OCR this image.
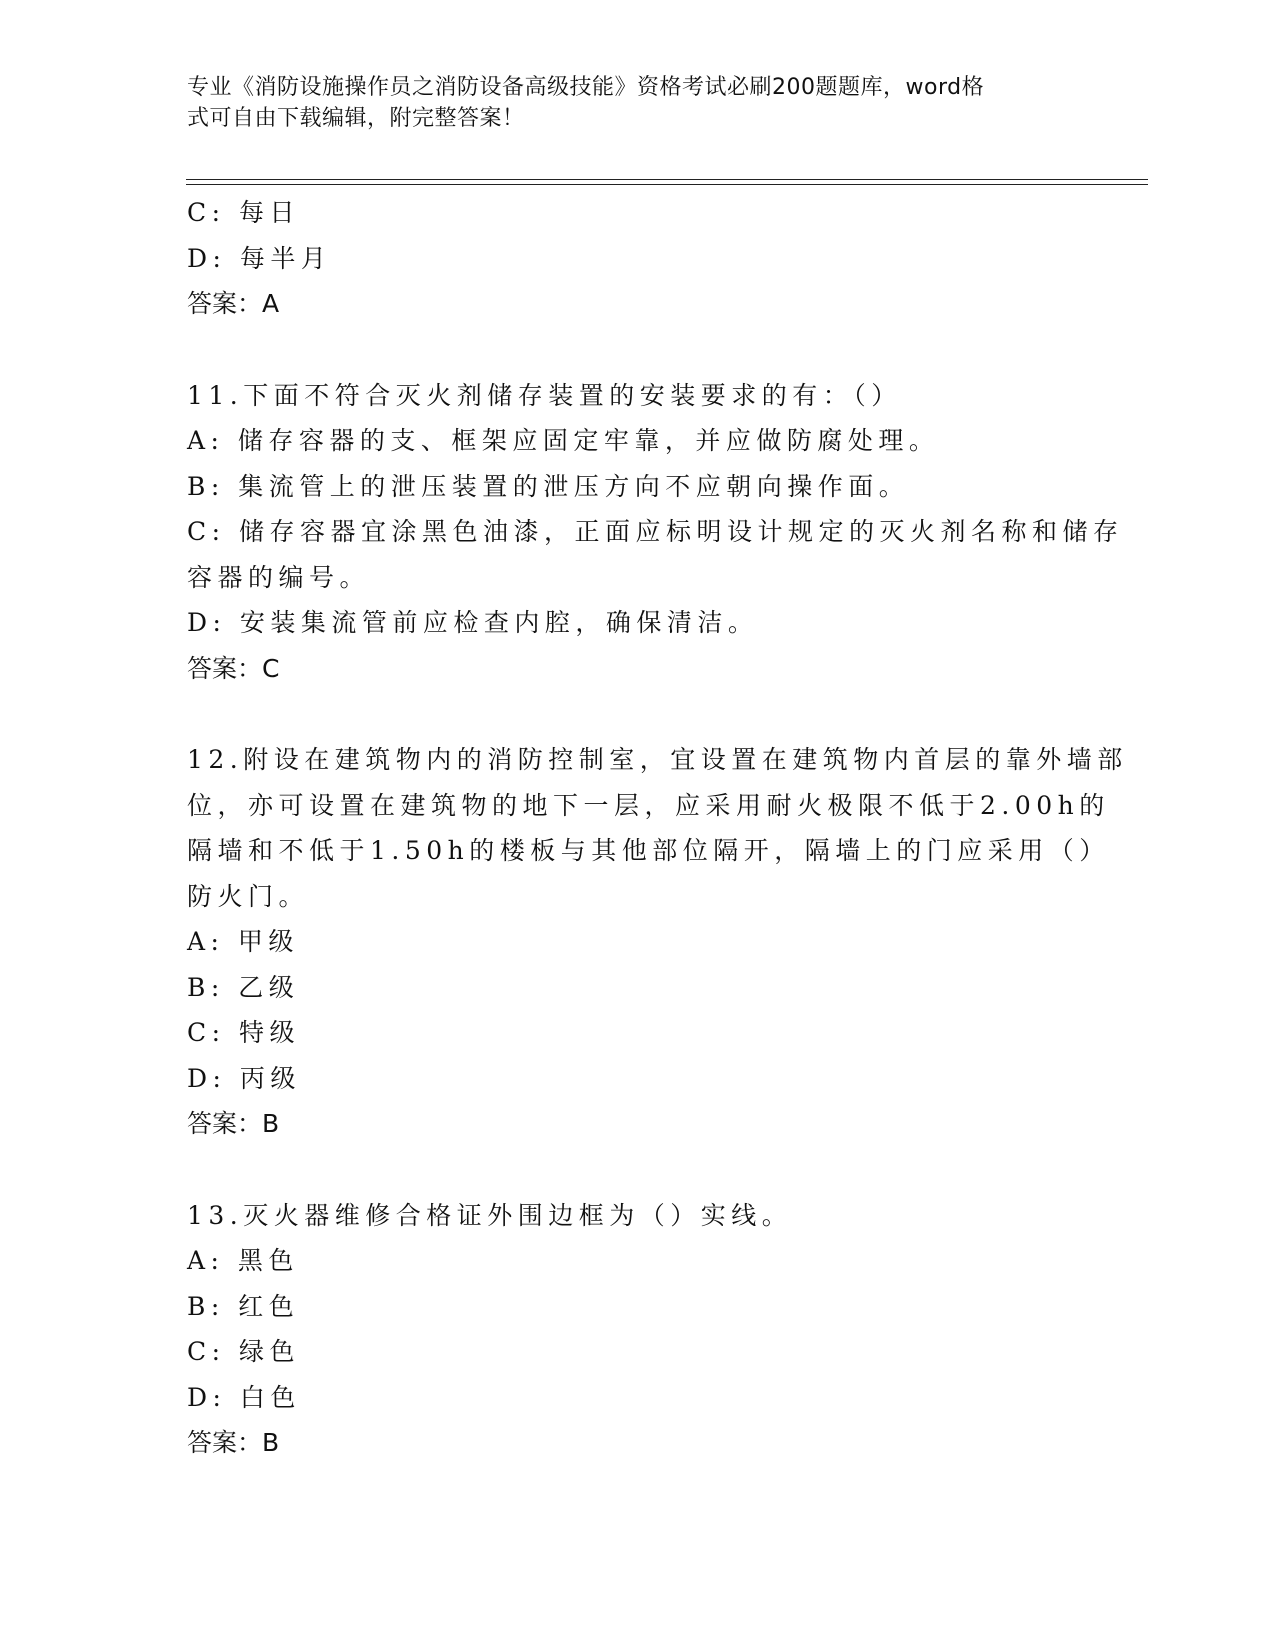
专业《消防设施操作员之消防设备高级技能》资格考试必刷200题题库，word格
式可自由下载编辑，附完整答案！
C: 每日
D: 每半月
答案：A
11.下面不符合灭火剂储存装置的安装要求的有：（）
A: 储存容器的支、框架应固定牢靠，并应做防腐处理。
B: 集流管上的泄压装置的泄压方向不应朝向操作面。
C: 储存容器宜涂黑色油漆，正面应标明设计规定的灭火剂名称和储存
容器的编号。
D: 安装集流管前应检查内腔，确保清洁。
答案：C
12.附设在建筑物内的消防控制室，宜设置在建筑物内首层的靠外墙部
位，亦可设置在建筑物的地下一层，应采用耐火极限不低于2.00h的
隔墙和不低于1.50h的楼板与其他部位隔开，隔墙上的门应采用（）
防火门。
A: 甲级
B: 乙级
C: 特级
D: 丙级
答案：B
13.灭火器维修合格证外围边框为（）实线。
A: 黑色
B: 红色
C: 绿色
D: 白色
答案：B
